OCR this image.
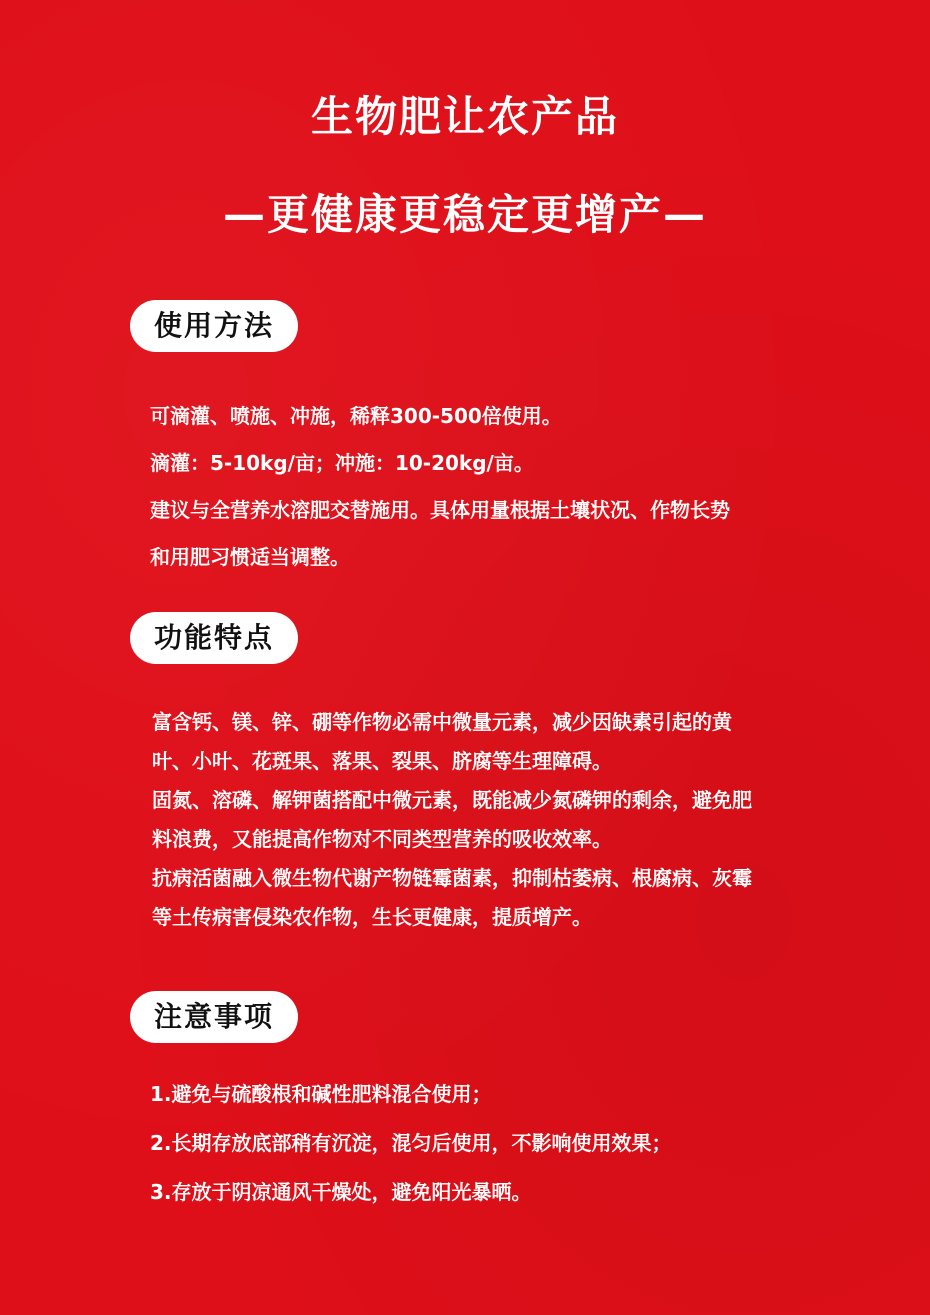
生物肥让农产品
—更健康更稳定更增产—
使用方法
可滴灌、喷施、冲施，稀释300-500倍使用。
滴灌：5-10kg/亩；冲施：10-20kg/亩。
建议与全营养水溶肥交替施用。具体用量根据土壤状况、作物长势
和用肥习惯适当调整。
功能特点
富含钙、镁、锌、硼等作物必需中微量元素，减少因缺素引起的黄
叶、小叶、花斑果、落果、裂果、脐腐等生理障碍。
固氮、溶磷、解钾菌搭配中微元素，既能减少氮磷钾的剩余，避免肥
料浪费，又能提高作物对不同类型营养的吸收效率。
抗病活菌融入微生物代谢产物链霉菌素，抑制枯萎病、根腐病、灰霉
等土传病害侵染农作物，生长更健康，提质增产。
注意事项
1.避免与硫酸根和碱性肥料混合使用；
2.长期存放底部稍有沉淀，混匀后使用，不影响使用效果；
3.存放于阴凉通风干燥处，避免阳光暴晒。
